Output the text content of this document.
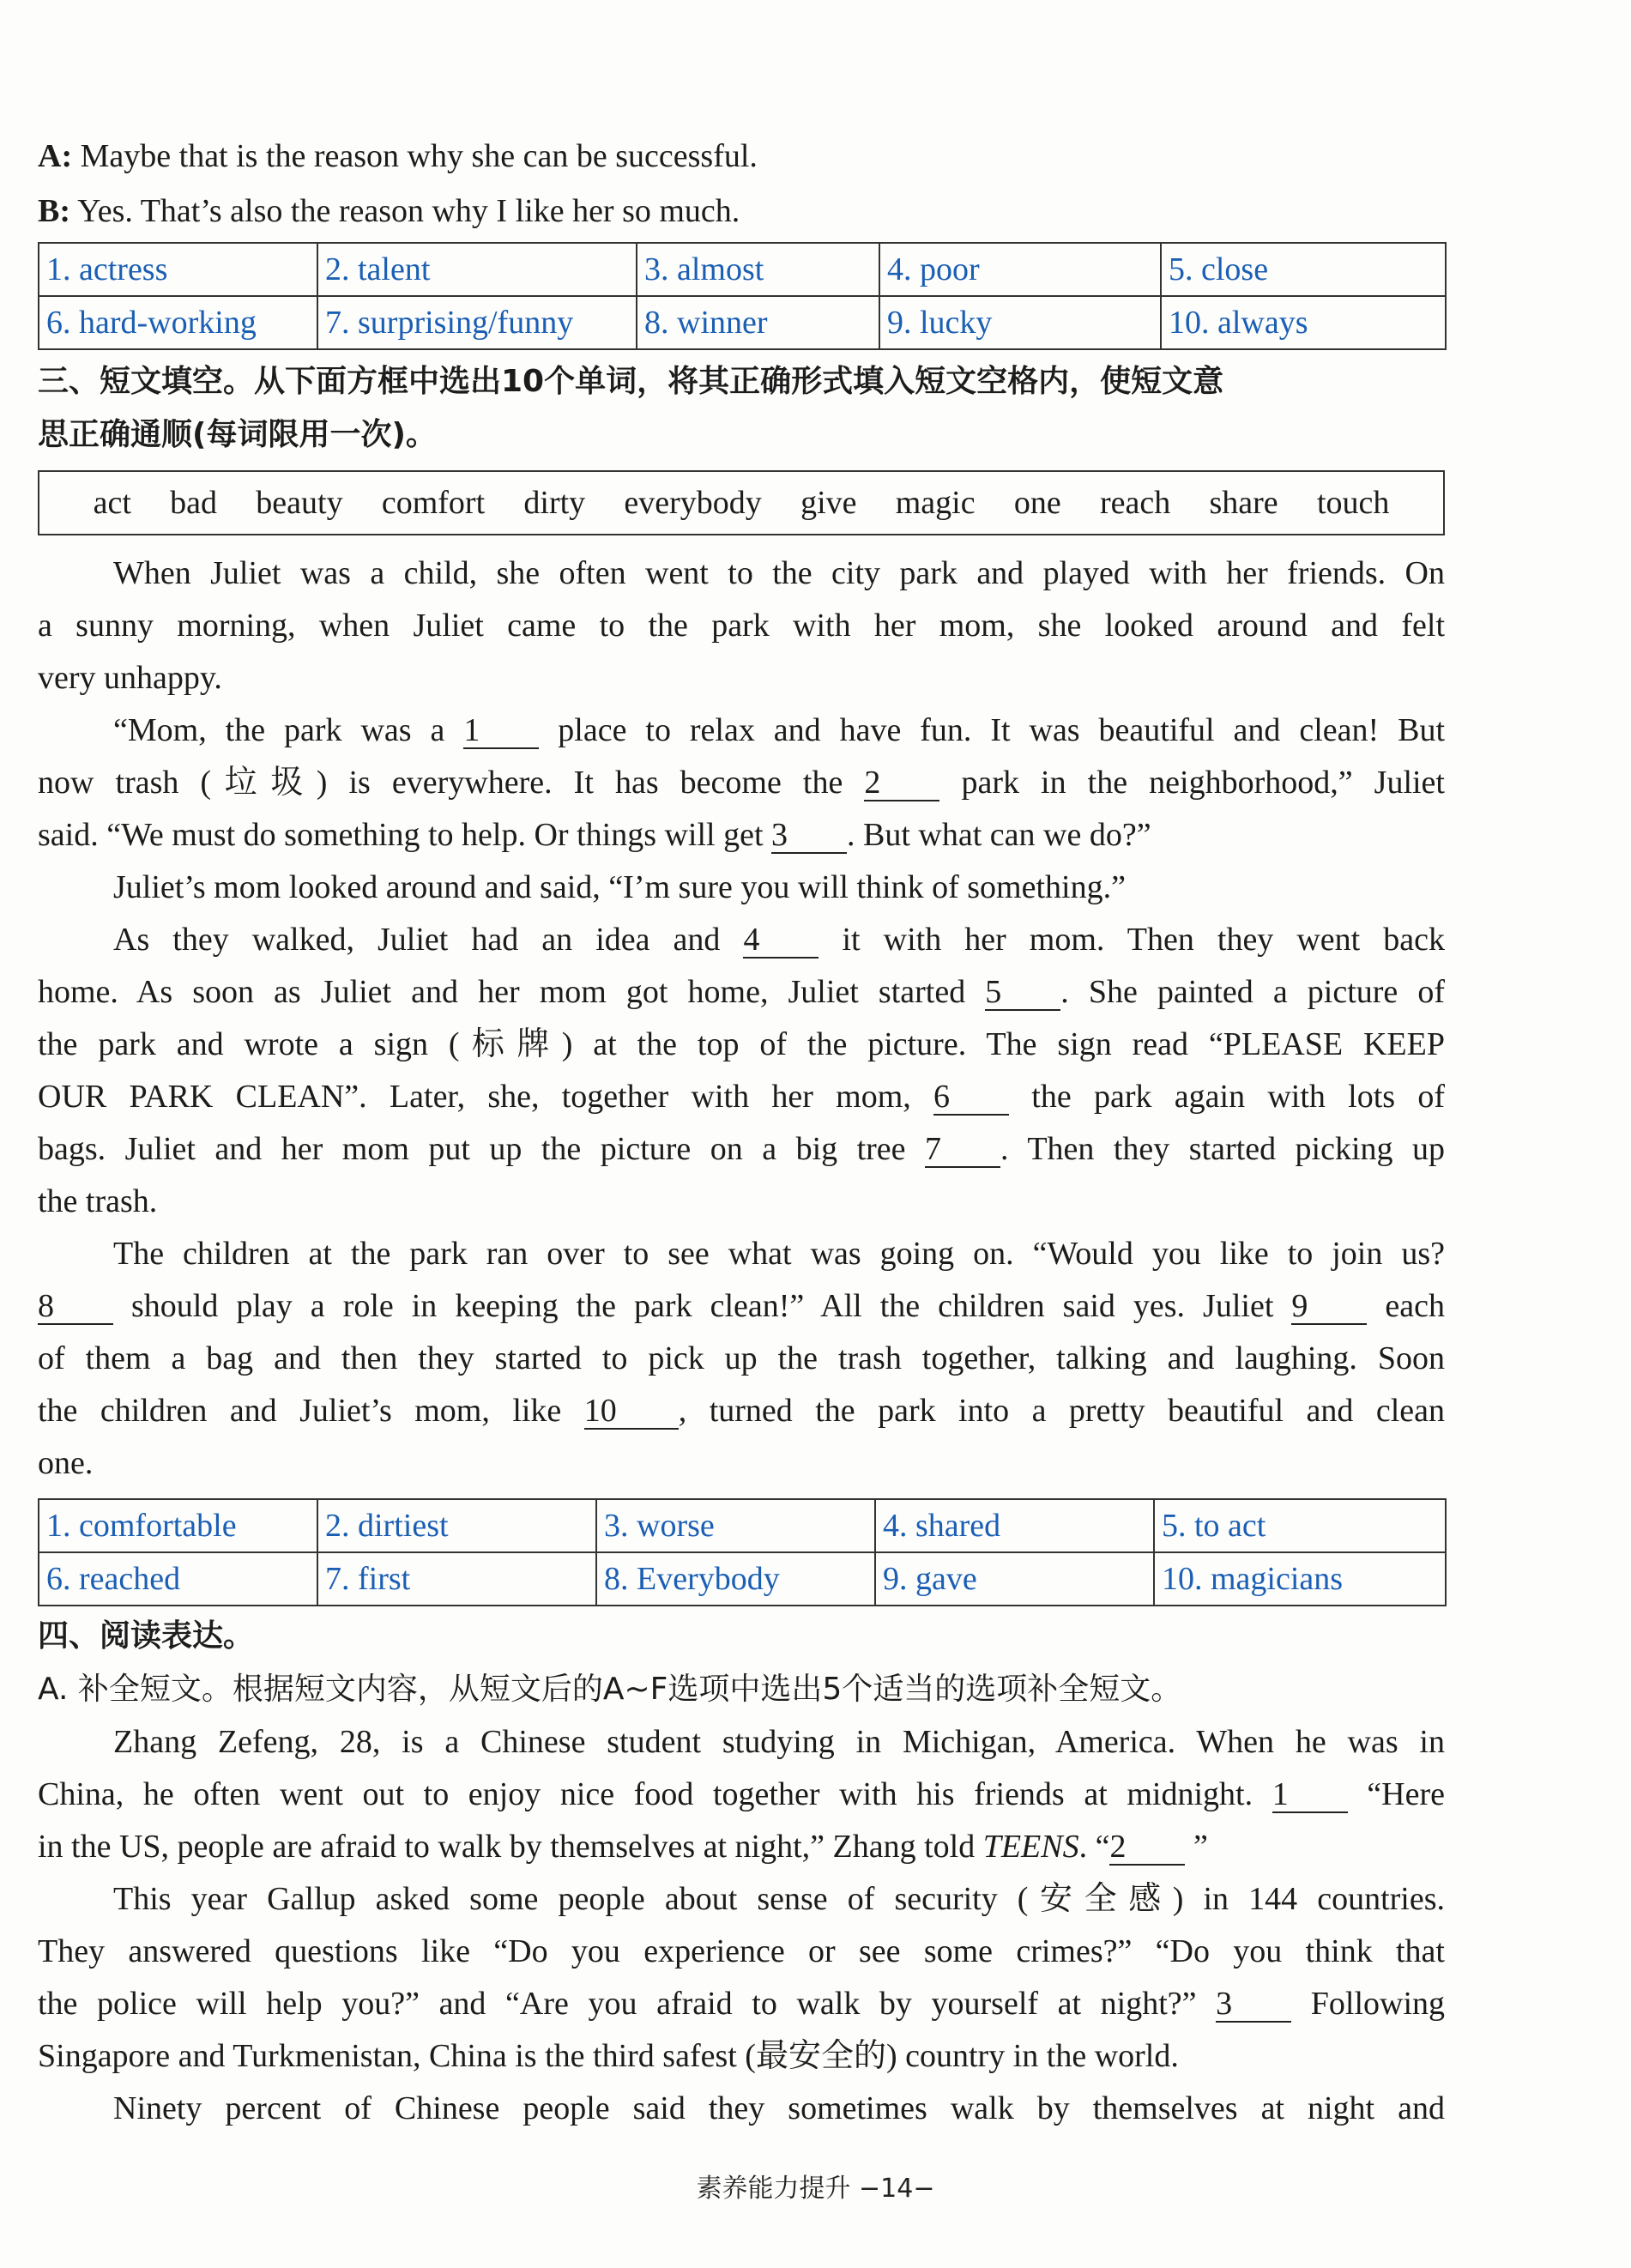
A: Maybe that is the reason why she can be successful.

B: Yes. That’s also the reason why I like her so much.

1. actress	2. talent	3. almost	4. poor	5. close
6. hard-working	7. surprising/funny	8. winner	9. lucky	10. always

三、短文填空。从下面方框中选出10个单词，将其正确形式填入短文空格内，使短文意

思正确通顺(每词限用一次)。

act bad beauty comfort dirty everybody give magic one reach share touch

When Juliet was a child, she often went to the city park and played with her friends. On

a sunny morning, when Juliet came to the park with her mom, she looked around and felt

very unhappy.

“Mom, the park was a 1 place to relax and have fun. It was beautiful and clean! But

now trash (垃圾) is everywhere. It has become the 2 park in the neighborhood,” Juliet

said. “We must do something to help. Or things will get 3 . But what can we do?”

Juliet’s mom looked around and said, “I’m sure you will think of something.”

As they walked, Juliet had an idea and 4 it with her mom. Then they went back

home. As soon as Juliet and her mom got home, Juliet started 5 . She painted a picture of

the park and wrote a sign (标牌) at the top of the picture. The sign read “PLEASE KEEP

OUR PARK CLEAN”. Later, she, together with her mom, 6 the park again with lots of

bags. Juliet and her mom put up the picture on a big tree 7 . Then they started picking up

the trash.

The children at the park ran over to see what was going on. “Would you like to join us?

8 should play a role in keeping the park clean!” All the children said yes. Juliet 9 each

of them a bag and then they started to pick up the trash together, talking and laughing. Soon

the children and Juliet’s mom, like 10 , turned the park into a pretty beautiful and clean

one.

1. comfortable	2. dirtiest	3. worse	4. shared	5. to act
6. reached	7. first	8. Everybody	9. gave	10. magicians

四、阅读表达。

A. 补全短文。根据短文内容，从短文后的A~F选项中选出5个适当的选项补全短文。

Zhang Zefeng, 28, is a Chinese student studying in Michigan, America. When he was in

China, he often went out to enjoy nice food together with his friends at midnight. 1 “Here

in the US, people are afraid to walk by themselves at night,” Zhang told TEENS. “2 ”

This year Gallup asked some people about sense of security (安全感) in 144 countries.

They answered questions like “Do you experience or see some crimes?” “Do you think that

the police will help you?” and “Are you afraid to walk by yourself at night?” 3 Following

Singapore and Turkmenistan, China is the third safest (最安全的) country in the world.

Ninety percent of Chinese people said they sometimes walk by themselves at night and

素养能力提升 −14−
